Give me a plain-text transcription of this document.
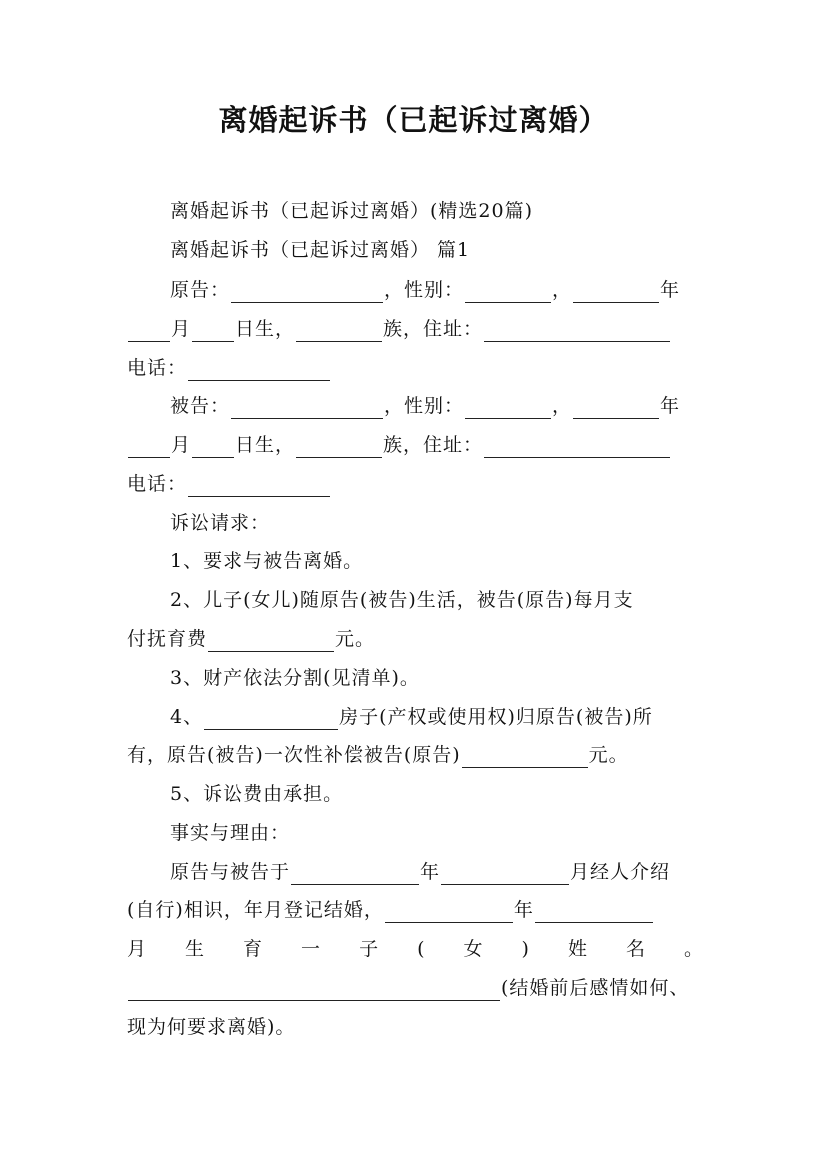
离婚起诉书（已起诉过离婚）

离婚起诉书（已起诉过离婚）(精选20篇)

离婚起诉书（已起诉过离婚） 篇1

原告：	，性别：	，	年

月 日生，	族，住址：

电话：

被告：	，性别：	，	年

月 日生，	族，住址：

电话：

诉讼请求：

1、要求与被告离婚。

2、儿子(女儿)随原告(被告)生活，被告(原告)每月支

付抚育费	元。

3、财产依法分割(见清单)。

4、	房子(产权或使用权)归原告(被告)所

有，原告(被告)一次性补偿被告(原告)	元。

5、诉讼费由承担。

事实与理由：

原告与被告于	年	月经人介绍

(自行)相识，年月登记结婚，	年

月 生 育 一 子 ( 女 ) 姓 名 。

(结婚前后感情如何、

现为何要求离婚)。
